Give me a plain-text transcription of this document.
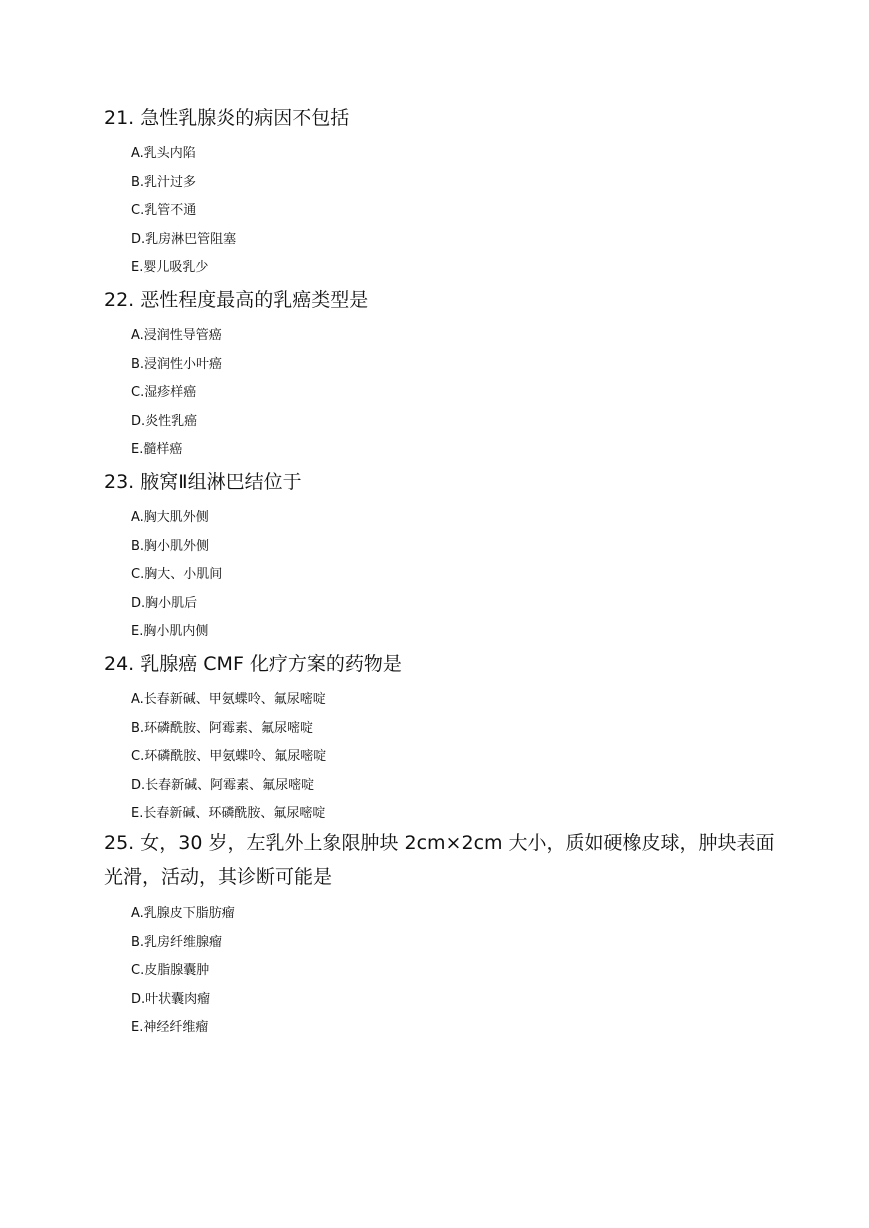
21. 急性乳腺炎的病因不包括

A.乳头内陷
B.乳汁过多
C.乳管不通
D.乳房淋巴管阻塞
E.婴儿吸乳少

22. 恶性程度最高的乳癌类型是

A.浸润性导管癌
B.浸润性小叶癌
C.湿疹样癌
D.炎性乳癌
E.髓样癌

23. 腋窝Ⅱ组淋巴结位于

A.胸大肌外侧
B.胸小肌外侧
C.胸大、小肌间
D.胸小肌后
E.胸小肌内侧

24. 乳腺癌 CMF 化疗方案的药物是

A.长春新碱、甲氨蝶呤、氟尿嘧啶
B.环磷酰胺、阿霉素、氟尿嘧啶
C.环磷酰胺、甲氨蝶呤、氟尿嘧啶
D.长春新碱、阿霉素、氟尿嘧啶
E.长春新碱、环磷酰胺、氟尿嘧啶

25. 女，30 岁，左乳外上象限肿块 2cm×2cm 大小，质如硬橡皮球，肿块表面光滑，活动，其诊断可能是

A.乳腺皮下脂肪瘤
B.乳房纤维腺瘤
C.皮脂腺囊肿
D.叶状囊肉瘤
E.神经纤维瘤
